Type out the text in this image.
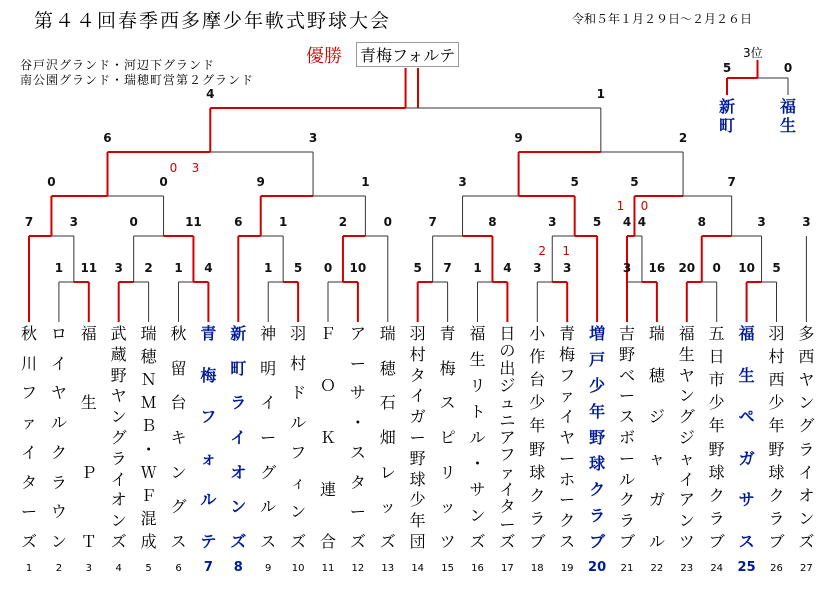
第４４回春季西多摩少年軟式野球大会	令和５年１月２９日～２月２６日
谷戸沢グランド・河辺下グランド
南公園グランド・瑞穂町営第２グランド
優勝 青梅フォルテ	3位
1 11 3 2 1 4	1 5 0 10	5 7 1 4 3 3	3 16 20 0 10 5
7	3	0	11	6	1	2	0	7	8	3	5 4 4	8	3
0	0	9	1	3	5	5	7
3
6	3	9	2
4	1
0 3
2 1
1 0
5	0
新
町
福
生
秋
川
フ
ァ
イ
タ
ー
ズ
1
ロ
イ
ヤ
ル
ク
ラ
ウ
ン
2
福
生
Ｐ
Ｔ
3
武
蔵
野
ヤ
ン
グ
ラ
イ
オ
ン
ズ
4
瑞
穂
Ｎ
Ｍ
Ｂ
・
Ｗ
Ｆ
混
成
5
秋
留
台
キ
ン
グ
ス
6
青
梅
フ
ォ
ル
テ
7
新
町
ラ
イ
オ
ン
ズ
8
神
明
イ
ー
グ
ル
ス
9
羽
村
ド
ル
フ
ィ
ン
ズ
10
Ｆ
Ｏ
Ｋ
連
合
11
ア
ー
サ
・
ス
タ
ー
ズ
12
瑞
穂
石
畑
レ
ッ
ズ
13
羽
村
タ
イ
ガ
ー
野
球
少
年
団
14
青
梅
ス
ピ
リ
ッ
ツ
15
福
生
リ
ト
ル
・
サ
ン
ズ
16
日
の
出
ジ
ュ
ニ
ア
フ
ァ
イ
タ
ー
ズ
17
小
作
台
少
年
野
球
ク
ラ
ブ
18
青
梅
フ
ァ
イ
ヤ
ー
ホ
ー
ク
ス
19
増
戸
少
年
野
球
ク
ラ
ブ
20
吉
野
ベ
ー
ス
ボ
ー
ル
ク
ラ
ブ
21
瑞
穂
ジ
ャ
ガ
ル
22
福
生
ヤ
ン
グ
ジ
ャ
イ
ア
ン
ツ
23
五
日
市
少
年
野
球
ク
ラ
ブ
24
福
生
ペ
ガ
サ
ス
25
羽
村
西
少
年
野
球
ク
ラ
ブ
26
多
西
ヤ
ン
グ
ラ
イ
オ
ン
ズ
27
